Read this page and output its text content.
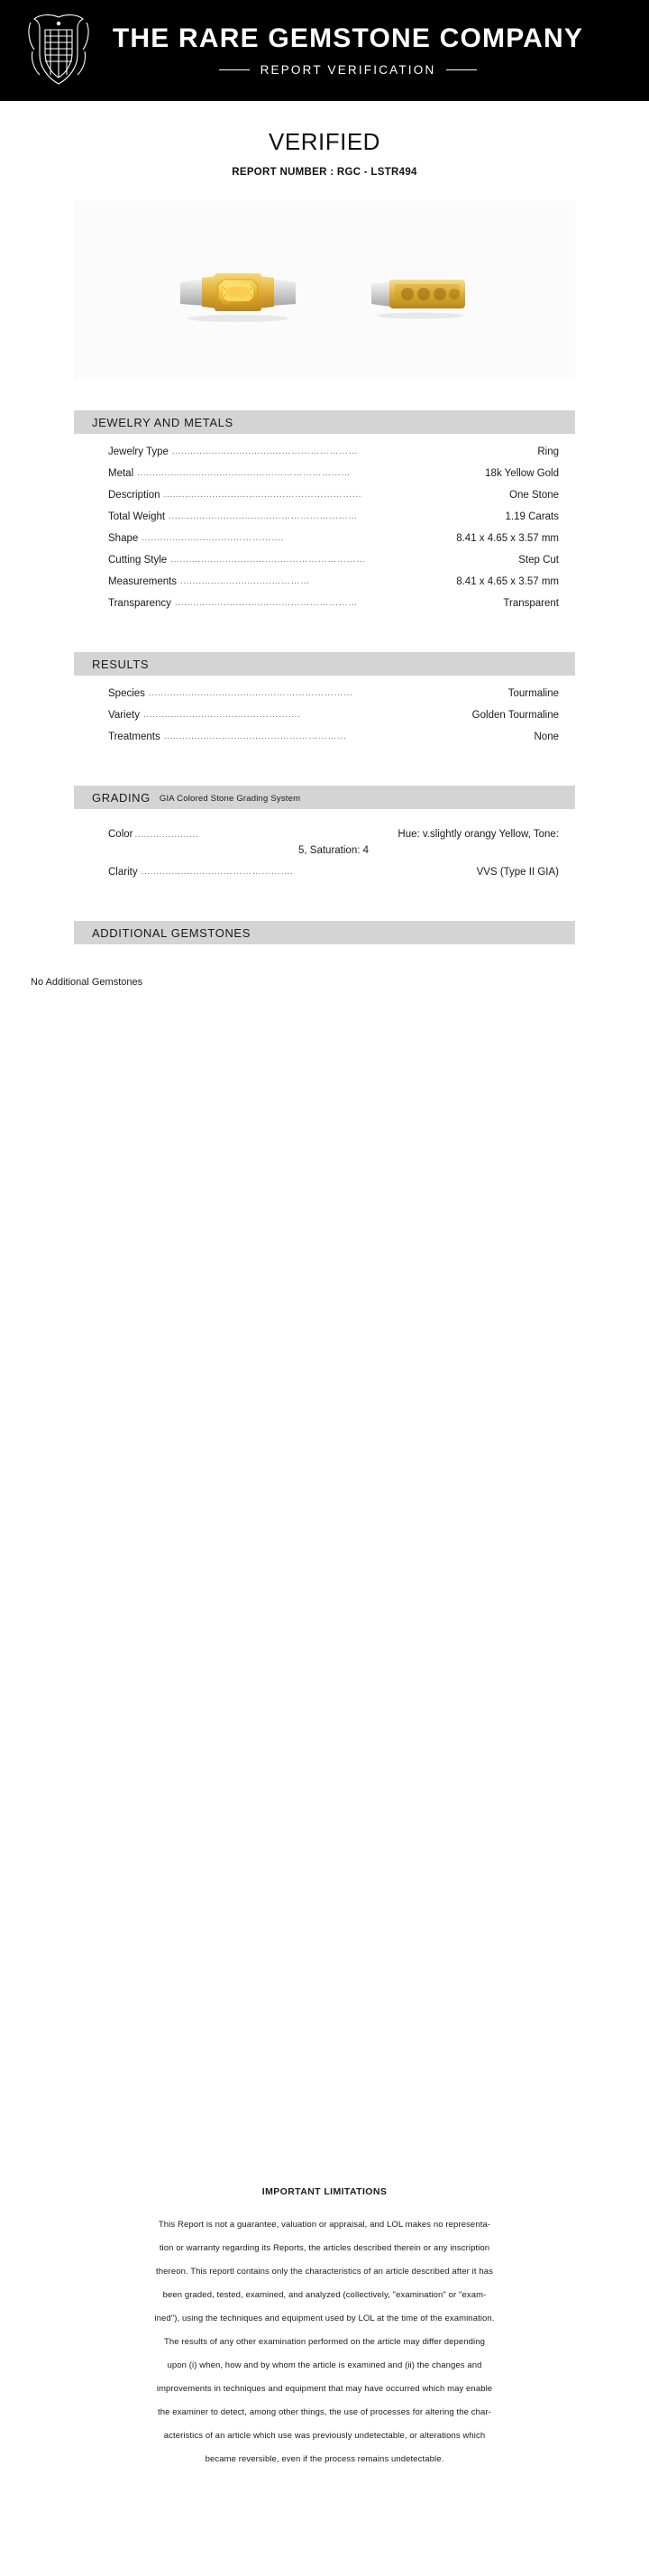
THE RARE GEMSTONE COMPANY
REPORT VERIFICATION
VERIFIED
REPORT NUMBER : RGC - LSTR494
JEWELRY AND METALS
Jewelry Type ....................................……………………	Ring
Metal .............................................……………………	18k Yellow Gold
Description ........................................……………………	One Stone
Total Weight .....................................……………………	1.19 Carats
Shape ..............................…………….	8.41 x 4.65 x 3.57 mm
Cutting Style .......................................……………………	Step Cut
Measurements ..............................…………	8.41 x 4.65 x 3.57 mm
Transparency ...................................……………………	Transparent
RESULTS
Species ..........................................……………………	Tourmaline
Variety ...................................…………….	Golden Tourmaline
Treatments ...................................……………………	None
GRADING GIA Colored Stone Grading System
Color .....................	Hue: v.slightly orangy Yellow, Tone:
5, Saturation: 4
Clarity ...........................………………….	VVS (Type II GIA)
ADDITIONAL GEMSTONES
No Additional Gemstones
IMPORTANT LIMITATIONS
This Report is not a guarantee, valuation or appraisal, and LOL makes no representa-
tion or warranty regarding its Reports, the articles described therein or any inscription
thereon. This reportl contains only the characteristics of an article described after it has
been graded, tested, examined, and analyzed (collectively, "examination" or "exam-
ined"), using the techniques and equipment used by LOL at the time of the examination.
The results of any other examination performed on the article may differ depending
upon (i) when, how and by whom the article is examined and (ii) the changes and
improvements in techniques and equipment that may have occurred which may enable
the examiner to detect, among other things, the use of processes for altering the char-
acteristics of an article which use was previously undetectable, or alterations which
became reversible, even if the process remains undetectable.
